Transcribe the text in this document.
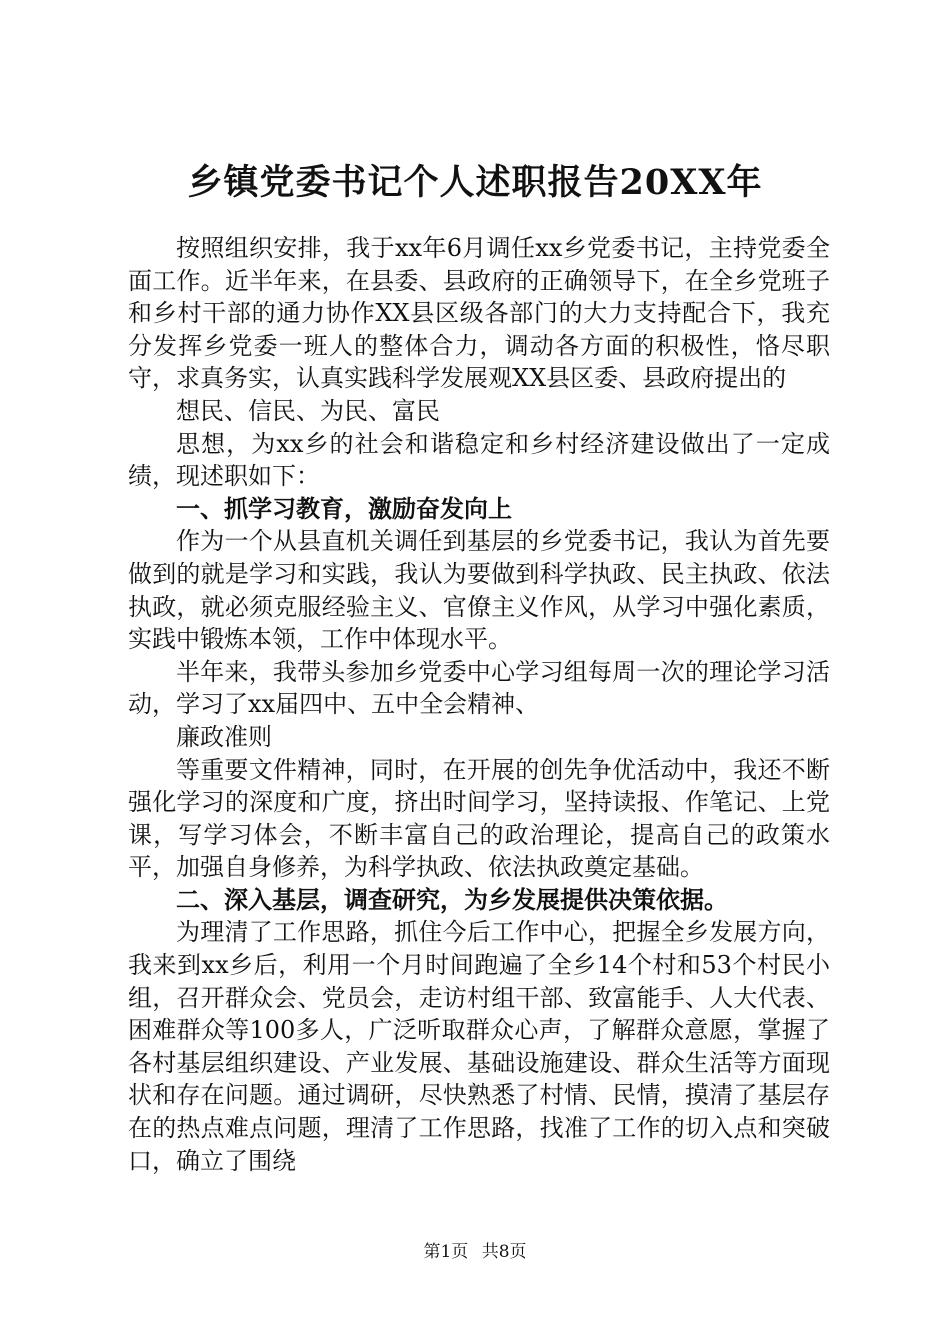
乡镇党委书记个人述职报告20XX年

按照组织安排，我于xx年6月调任xx乡党委书记，主持党委全面工作。近半年来，在县委、县政府的正确领导下，在全乡党班子和乡村干部的通力协作XX县区级各部门的大力支持配合下，我充分发挥乡党委一班人的整体合力，调动各方面的积极性，恪尽职守，求真务实，认真实践科学发展观XX县区委、县政府提出的

想民、信民、为民、富民

思想，为xx乡的社会和谐稳定和乡村经济建设做出了一定成绩，现述职如下：

一、抓学习教育，激励奋发向上

作为一个从县直机关调任到基层的乡党委书记，我认为首先要做到的就是学习和实践，我认为要做到科学执政、民主执政、依法执政，就必须克服经验主义、官僚主义作风，从学习中强化素质，实践中锻炼本领，工作中体现水平。

半年来，我带头参加乡党委中心学习组每周一次的理论学习活动，学习了xx届四中、五中全会精神、

廉政准则

等重要文件精神，同时，在开展的创先争优活动中，我还不断强化学习的深度和广度，挤出时间学习，坚持读报、作笔记、上党课，写学习体会，不断丰富自己的政治理论，提高自己的政策水平，加强自身修养，为科学执政、依法执政奠定基础。

二、深入基层，调查研究，为乡发展提供决策依据。

为理清了工作思路，抓住今后工作中心，把握全乡发展方向，我来到xx乡后，利用一个月时间跑遍了全乡14个村和53个村民小组，召开群众会、党员会，走访村组干部、致富能手、人大代表、困难群众等100多人，广泛听取群众心声，了解群众意愿，掌握了各村基层组织建设、产业发展、基础设施建设、群众生活等方面现状和存在问题。通过调研，尽快熟悉了村情、民情，摸清了基层存在的热点难点问题，理清了工作思路，找准了工作的切入点和突破口，确立了围绕

第1页 共8页
